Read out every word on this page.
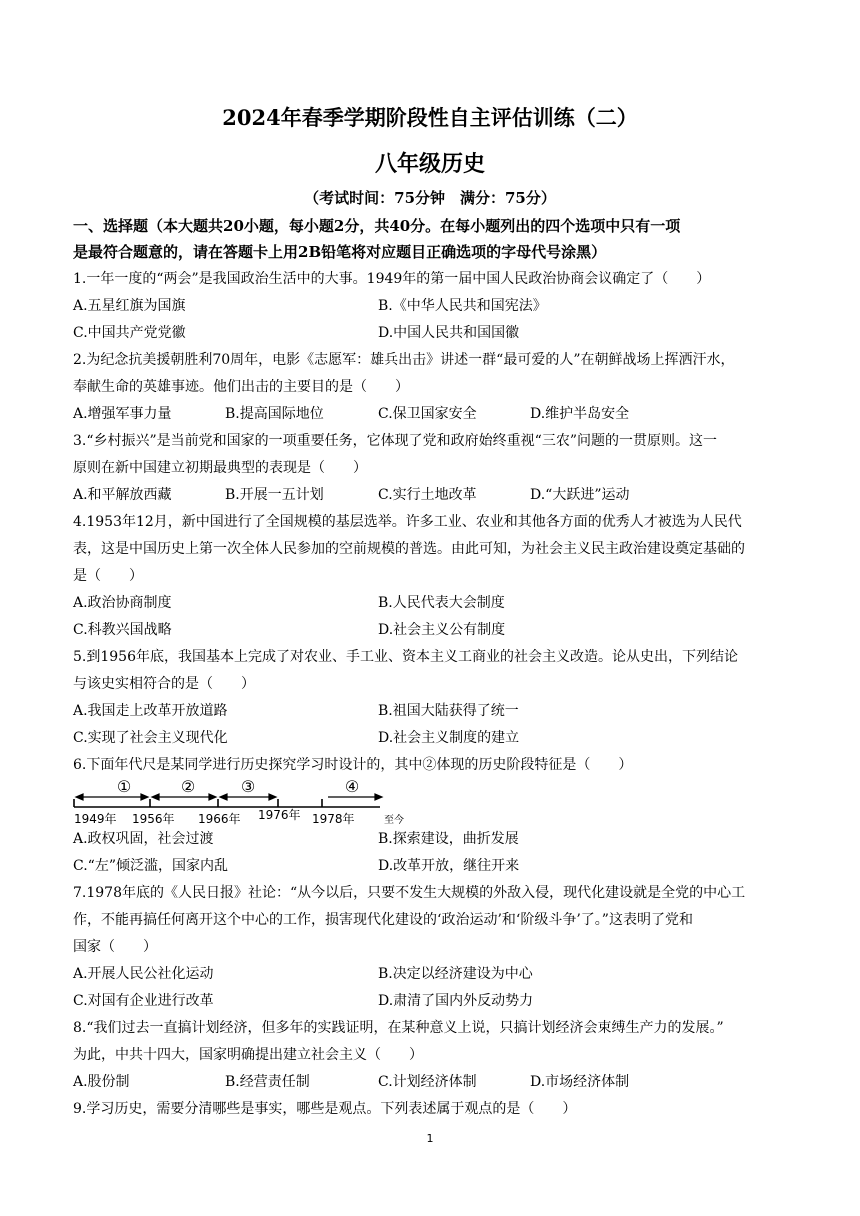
2024年春季学期阶段性自主评估训练（二）
八年级历史
（考试时间：75分钟　满分：75分）
一、选择题（本大题共20小题，每小题2分，共40分。在每小题列出的四个选项中只有一项
是最符合题意的，请在答题卡上用2B铅笔将对应题目正确选项的字母代号涂黑）
1.一年一度的“两会”是我国政治生活中的大事。1949年的第一届中国人民政治协商会议确定了（　　）
A.五星红旗为国旗	B.《中华人民共和国宪法》
C.中国共产党党徽	D.中国人民共和国国徽
2.为纪念抗美援朝胜利70周年，电影《志愿军：雄兵出击》讲述一群“最可爱的人”在朝鲜战场上挥洒汗水，
奉献生命的英雄事迹。他们出击的主要目的是（　　）
A.增强军事力量	B.提高国际地位	C.保卫国家安全	D.维护半岛安全
3.“乡村振兴”是当前党和国家的一项重要任务，它体现了党和政府始终重视“三农”问题的一贯原则。这一
原则在新中国建立初期最典型的表现是（　　）
A.和平解放西藏	B.开展一五计划	C.实行土地改革	D.“大跃进”运动
4.1953年12月，新中国进行了全国规模的基层选举。许多工业、农业和其他各方面的优秀人才被选为人民代
表，这是中国历史上第一次全体人民参加的空前规模的普选。由此可知，为社会主义民主政治建设奠定基础的
是（　　）
A.政治协商制度	B.人民代表大会制度
C.科教兴国战略	D.社会主义公有制度
5.到1956年底，我国基本上完成了对农业、手工业、资本主义工商业的社会主义改造。论从史出，下列结论
与该史实相符合的是（　　）
A.我国走上改革开放道路	B.祖国大陆获得了统一
C.实现了社会主义现代化	D.社会主义制度的建立
6.下面年代尺是某同学进行历史探究学习时设计的，其中②体现的历史阶段特征是（　　）
①	②	③	④
1949年 1956年 1966年 1976年 1978年	至今
A.政权巩固，社会过渡	B.探索建设，曲折发展
C.“左”倾泛滥，国家内乱	D.改革开放，继往开来
7.1978年底的《人民日报》社论：“从今以后，只要不发生大规模的外敌入侵，现代化建设就是全党的中心工
作，不能再搞任何离开这个中心的工作，损害现代化建设的‘政治运动’和‘阶级斗争’了。”这表明了党和
国家（　　）
A.开展人民公社化运动	B.决定以经济建设为中心
C.对国有企业进行改革	D.肃清了国内外反动势力
8.“我们过去一直搞计划经济，但多年的实践证明，在某种意义上说，只搞计划经济会束缚生产力的发展。”
为此，中共十四大，国家明确提出建立社会主义（　　）
A.股份制	B.经营责任制	C.计划经济体制	D.市场经济体制
9.学习历史，需要分清哪些是事实，哪些是观点。下列表述属于观点的是（　　）
1
